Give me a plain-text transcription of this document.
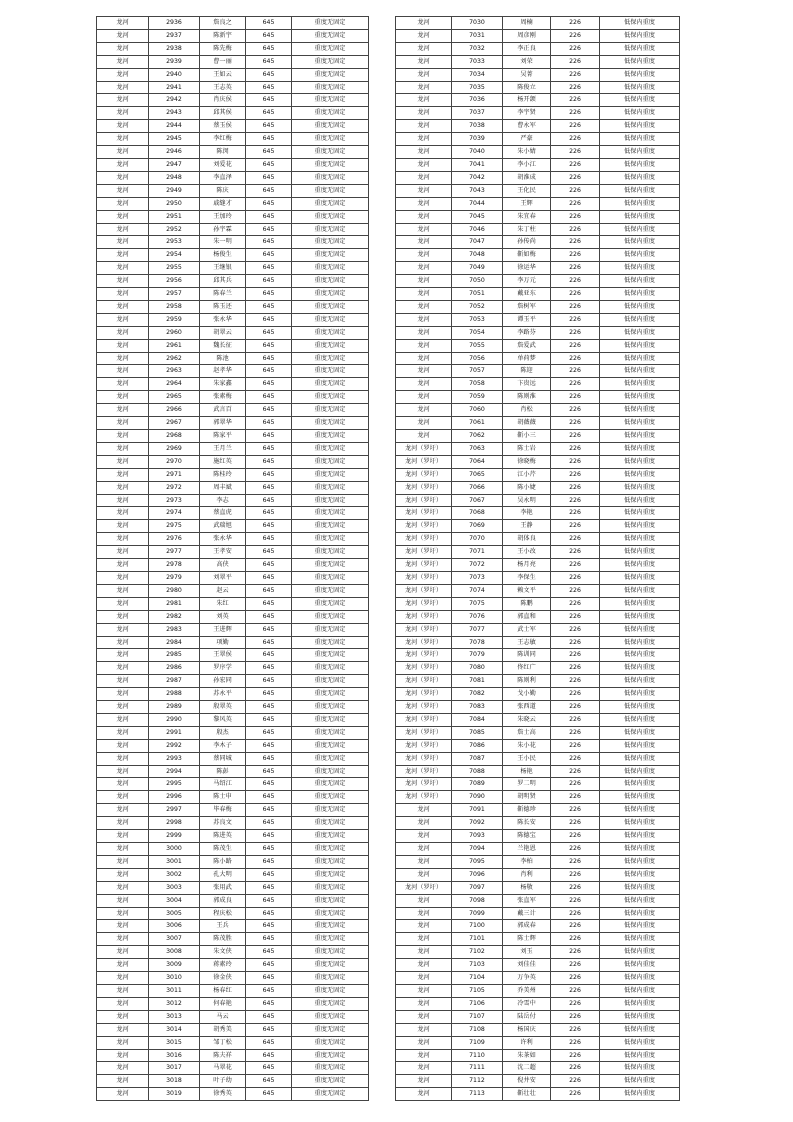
龙河	2936	詹良之	645	重度无固定
龙河	2937	陈新宇	645	重度无固定
龙河	2938	陈先梅	645	重度无固定
龙河	2939	曹一丽	645	重度无固定
龙河	2940	王如云	645	重度无固定
龙河	2941	王志英	645	重度无固定
龙河	2942	肖庆侯	645	重度无固定
龙河	2943	邱其侯	645	重度无固定
龙河	2944	蔡玉侯	645	重度无固定
龙河	2945	李红梅	645	重度无固定
龙河	2946	陈闵	645	重度无固定
龙河	2947	刘爱花	645	重度无固定
龙河	2948	李直泽	645	重度无固定
龙河	2949	陈庆	645	重度无固定
龙河	2950	戚缝才	645	重度无固定
龙河	2951	王加玲	645	重度无固定
龙河	2952	孙宇霖	645	重度无固定
龙河	2953	朱一明	645	重度无固定
龙河	2954	杨俊生	645	重度无固定
龙河	2955	王继银	645	重度无固定
龙河	2956	邱其兵	645	重度无固定
龙河	2957	陈春兰	645	重度无固定
龙河	2958	陈玉还	645	重度无固定
龙河	2959	张永华	645	重度无固定
龙河	2960	胡翠云	645	重度无固定
龙河	2961	魏长征	645	重度无固定
龙河	2962	陈池	645	重度无固定
龙河	2963	赵孝华	645	重度无固定
龙河	2964	朱家鑫	645	重度无固定
龙河	2965	张素梅	645	重度无固定
龙河	2966	武言百	645	重度无固定
龙河	2967	郭翠华	645	重度无固定
龙河	2968	陈家平	645	重度无固定
龙河	2969	王月兰	645	重度无固定
龙河	2970	施红英	645	重度无固定
龙河	2971	陈桂玲	645	重度无固定
龙河	2972	周丰斌	645	重度无固定
龙河	2973	李志	645	重度无固定
龙河	2974	蔡直虎	645	重度无固定
龙河	2975	武瑞旭	645	重度无固定
龙河	2976	张永华	645	重度无固定
龙河	2977	王孝安	645	重度无固定
龙河	2978	高侠	645	重度无固定
龙河	2979	刘翠平	645	重度无固定
龙河	2980	赵云	645	重度无固定
龙河	2981	朱红	645	重度无固定
龙河	2982	刘英	645	重度无固定
龙河	2983	王进辉	645	重度无固定
龙河	2984	项勤	645	重度无固定
龙河	2985	王翠侯	645	重度无固定
龙河	2986	罗序学	645	重度无固定
龙河	2987	孙宏同	645	重度无固定
龙河	2988	苏永平	645	重度无固定
龙河	2989	殷翠英	645	重度无固定
龙河	2990	黎风英	645	重度无固定
龙河	2991	殷杰	645	重度无固定
龙河	2992	李木子	645	重度无固定
龙河	2993	蔡同城	645	重度无固定
龙河	2994	陈彭	645	重度无固定
龙河	2995	马绍江	645	重度无固定
龙河	2996	陈士申	645	重度无固定
龙河	2997	毕春梅	645	重度无固定
龙河	2998	苏良文	645	重度无固定
龙河	2999	陈进英	645	重度无固定
龙河	3000	陈茂生	645	重度无固定
龙河	3001	陈小路	645	重度无固定
龙河	3002	孔大明	645	重度无固定
龙河	3003	张用武	645	重度无固定
龙河	3004	郭成良	645	重度无固定
龙河	3005	程庆松	645	重度无固定
龙河	3006	王兵	645	重度无固定
龙河	3007	陈茂胜	645	重度无固定
龙河	3008	朱文侠	645	重度无固定
龙河	3009	蒋素玲	645	重度无固定
龙河	3010	徐金侠	645	重度无固定
龙河	3011	杨春红	645	重度无固定
龙河	3012	何春艳	645	重度无固定
龙河	3013	马云	645	重度无固定
龙河	3014	胡秀美	645	重度无固定
龙河	3015	邹丁松	645	重度无固定
龙河	3016	陈夫祥	645	重度无固定
龙河	3017	马翠花	645	重度无固定
龙河	3018	叶子幼	645	重度无固定
龙河	3019	徐秀英	645	重度无固定
龙河	7030	周楠	226	低保内重度
龙河	7031	周彦刚	226	低保内重度
龙河	7032	李正良	226	低保内重度
龙河	7033	刘荣	226	低保内重度
龙河	7034	吴菁	226	低保内重度
龙河	7035	陈俊立	226	低保内重度
龙河	7036	杨开颌	226	低保内重度
龙河	7037	李宇贤	226	低保内重度
龙河	7038	曹永军	226	低保内重度
龙河	7039	严豪	226	低保内重度
龙河	7040	朱小婧	226	低保内重度
龙河	7041	李小江	226	低保内重度
龙河	7042	胡淮成	226	低保内重度
龙河	7043	王化民	226	低保内重度
龙河	7044	王辉	226	低保内重度
龙河	7045	朱宜春	226	低保内重度
龙河	7046	朱丁柱	226	低保内重度
龙河	7047	孙传尚	226	低保内重度
龙河	7048	靳如梅	226	低保内重度
龙河	7049	徐运华	226	低保内重度
龙河	7050	李万元	226	低保内重度
龙河	7051	戴亚东	226	低保内重度
龙河	7052	詹树军	226	低保内重度
龙河	7053	谭玉平	226	低保内重度
龙河	7054	李路芬	226	低保内重度
龙河	7055	詹爱武	226	低保内重度
龙河	7056	单荷梦	226	低保内重度
龙河	7057	陈迎	226	低保内重度
龙河	7058	卞贵远	226	低保内重度
龙河	7059	陈则淮	226	低保内重度
龙河	7060	肖松	226	低保内重度
龙河	7061	胡薇薇	226	低保内重度
龙河	7062	靳小三	226	低保内重度
龙河（罗圩）	7063	陈士岩	226	低保内重度
龙河（罗圩）	7064	徐晓梅	226	低保内重度
龙河（罗圩）	7065	江小芹	226	低保内重度
龙河（罗圩）	7066	陈小婕	226	低保内重度
龙河（罗圩）	7067	吴永明	226	低保内重度
龙河（罗圩）	7068	李艳	226	低保内重度
龙河（罗圩）	7069	王静	226	低保内重度
龙河（罗圩）	7070	胡体良	226	低保内重度
龙河（罗圩）	7071	王小改	226	低保内重度
龙河（罗圩）	7072	杨月亮	226	低保内重度
龙河（罗圩）	7073	李保生	226	低保内重度
龙河（罗圩）	7074	赖文平	226	低保内重度
龙河（罗圩）	7075	陈鹏	226	低保内重度
龙河（罗圩）	7076	郭直和	226	低保内重度
龙河（罗圩）	7077	武士军	226	低保内重度
龙河（罗圩）	7078	王志敏	226	低保内重度
龙河（罗圩）	7079	陈训同	226	低保内重度
龙河（罗圩）	7080	佟红广	226	低保内重度
龙河（罗圩）	7081	陈则利	226	低保内重度
龙河（罗圩）	7082	戈小勤	226	低保内重度
龙河（罗圩）	7083	张西道	226	低保内重度
龙河（罗圩）	7084	朱晓云	226	低保内重度
龙河（罗圩）	7085	詹士高	226	低保内重度
龙河（罗圩）	7086	朱小花	226	低保内重度
龙河（罗圩）	7087	王小民	226	低保内重度
龙河（罗圩）	7088	杨艳	226	低保内重度
龙河（罗圩）	7089	罗二明	226	低保内重度
龙河（罗圩）	7090	胡明贤	226	低保内重度
龙河	7091	靳德珍	226	低保内重度
龙河	7092	陈长安	226	低保内重度
龙河	7093	陈德宝	226	低保内重度
龙河	7094	兰艳恩	226	低保内重度
龙河	7095	李柏	226	低保内重度
龙河	7096	肖利	226	低保内重度
龙河（罗圩）	7097	杨敬	226	低保内重度
龙河	7098	张直军	226	低保内重度
龙河	7099	戴三计	226	低保内重度
龙河	7100	郭成春	226	低保内重度
龙河	7101	陈士辉	226	低保内重度
龙河	7102	刘玉	226	低保内重度
龙河	7103	刘佳佳	226	低保内重度
龙河	7104	万争英	226	低保内重度
龙河	7105	乔美州	226	低保内重度
龙河	7106	冷雪中	226	低保内重度
龙河	7107	陆岳付	226	低保内重度
龙河	7108	杨国庆	226	低保内重度
龙河	7109	许利	226	低保内重度
龙河	7110	朱茶如	226	低保内重度
龙河	7111	沈二超	226	低保内重度
龙河	7112	倪井安	226	低保内重度
龙河	7113	靳壮壮	226	低保内重度
